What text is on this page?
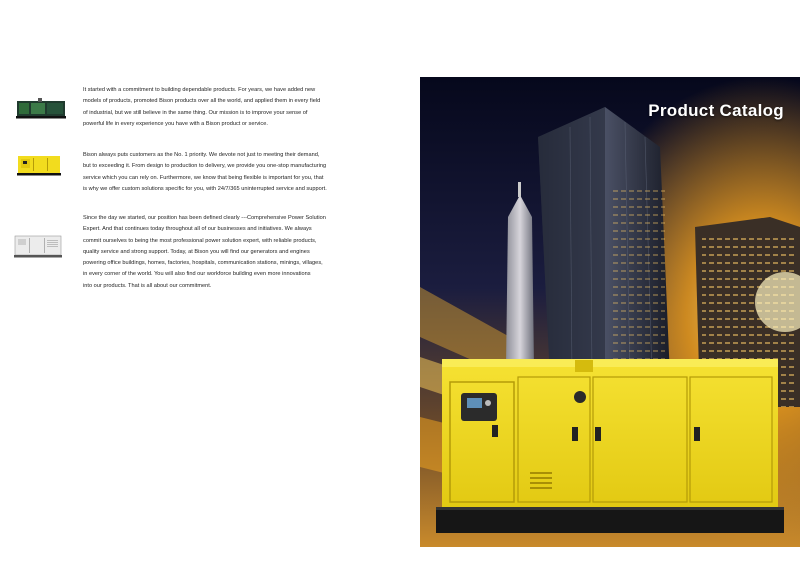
It started with a commitment to building dependable products. For years, we have added new
models of products, promoted Bison products over all the world, and applied them in every field
of industrial, but we still believe in the same thing. Our mission is to improve your sense of
powerful life in every experience you have with a Bison product or service.
Bison always puts customers as the No. 1 priority. We devote not just to meeting their demand,
but to exceeding it. From design to production to delivery, we provide you one-stop manufacturing
service which you can rely on. Furthermore, we know that being flexible is important for you, that
is why we offer custom solutions specific for you, with 24/7/365 uninterrupted service and support.
Since the day we started, our position has been defined clearly ---Comprehensive Power Solution
Expert. And that continues today throughout all of our businesses and initiatives. We always
commit ourselves to being the most professional power solution expert, with reliable products,
quality service and strong support. Today, at Bison you will find our generators and engines
powering office buildings, homes, factories, hospitals, communication stations, minings, villages,
in every corner of the world. You will also find our workforce building even more innovations
into our products. That is all about our commitment.
Product Catalog
